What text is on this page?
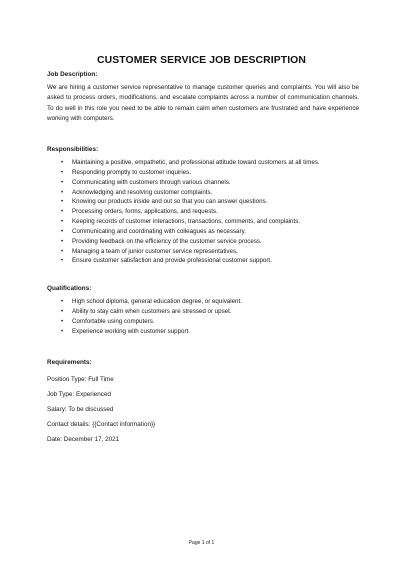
CUSTOMER SERVICE JOB DESCRIPTION

Job Description:

We are hiring a customer service representative to manage customer queries and complaints. You will also be asked to process orders, modifications, and escalate complaints across a number of communication channels. To do well in this role you need to be able to remain calm when customers are frustrated and have experience working with computers.

Responsibilities:

• Maintaining a positive, empathetic, and professional attitude toward customers at all times.
• Responding promptly to customer inquiries.
• Communicating with customers through various channels.
• Acknowledging and resolving customer complaints.
• Knowing our products inside and out so that you can answer questions.
• Processing orders, forms, applications, and requests.
• Keeping records of customer interactions, transactions, comments, and complaints.
• Communicating and coordinating with colleagues as necessary.
• Providing feedback on the efficiency of the customer service process.
• Managing a team of junior customer service representatives.
• Ensure customer satisfaction and provide professional customer support.

Qualifications:

• High school diploma, general education degree, or equivalent.
• Ability to stay calm when customers are stressed or upset.
• Comfortable using computers.
• Experience working with customer support.

Requirements:

Position Type: Full Time
Job Type: Experienced
Salary: To be discussed
Contact details: {{Contact information}}
Date: December 17, 2021
Page 1 of 1
